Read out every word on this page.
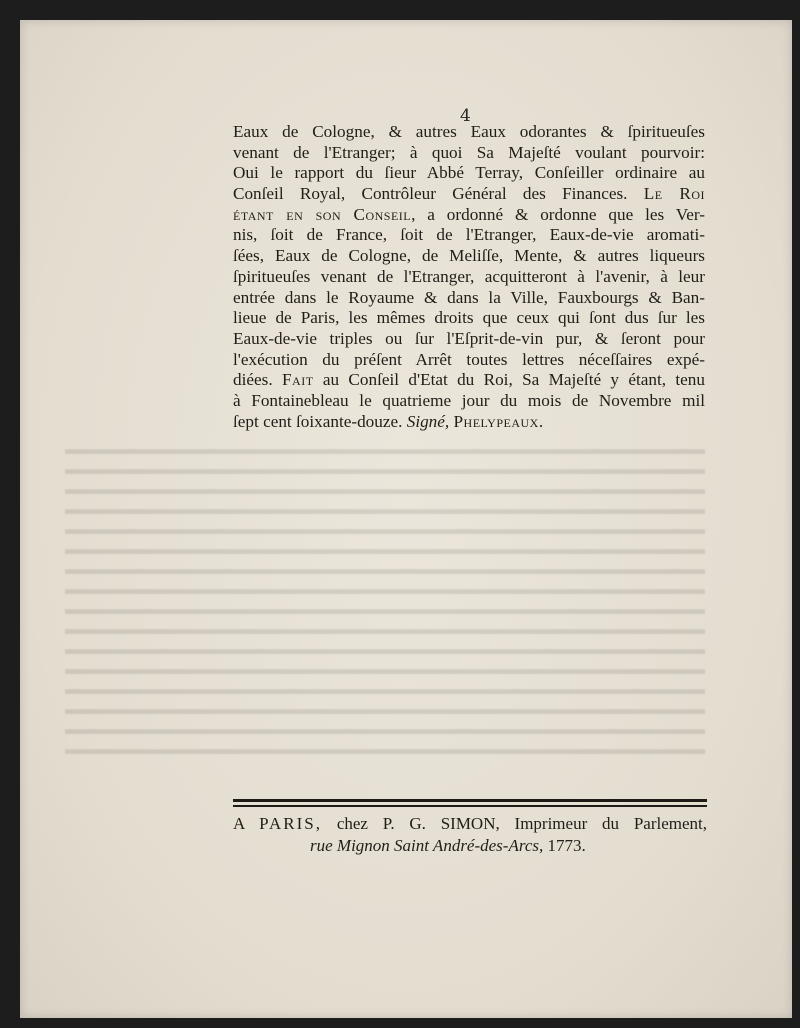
4
Eaux de Cologne, & autres Eaux odorantes & ſpiritueuſes
venant de l'Etranger; à quoi Sa Majeſté voulant pourvoir:
Oui le rapport du ſieur Abbé Terray, Conſeiller ordinaire au
Conſeil Royal, Contrôleur Général des Finances. Le Roi
étant en son Conseil, a ordonné & ordonne que les Ver-
nis, ſoit de France, ſoit de l'Etranger, Eaux-de-vie aromati-
ſées, Eaux de Cologne, de Meliſſe, Mente, & autres liqueurs
ſpiritueuſes venant de l'Etranger, acquitteront à l'avenir, à leur
entrée dans le Royaume & dans la Ville, Fauxbourgs & Ban-
lieue de Paris, les mêmes droits que ceux qui ſont dus ſur les
Eaux-de-vie triples ou ſur l'Eſprit-de-vin pur, & ſeront pour
l'exécution du préſent Arrêt toutes lettres néceſſaires expé-
diées. Fait au Conſeil d'Etat du Roi, Sa Majeſté y étant, tenu
à Fontainebleau le quatrieme jour du mois de Novembre mil
ſept cent ſoixante-douze. Signé, Phelypeaux.
▬▬▬▬▬▬▬▬▬▬▬▬▬▬▬▬▬▬▬▬▬▬▬▬▬▬▬▬▬▬▬▬▬▬▬▬▬▬▬▬
▬▬▬▬▬▬▬▬▬▬▬▬▬▬▬▬▬▬▬▬▬▬▬▬▬▬▬▬▬▬▬▬▬▬▬▬▬▬▬▬
▬▬▬▬▬▬▬▬▬▬▬▬▬▬▬▬▬▬▬▬▬▬▬▬▬▬▬▬▬▬▬▬▬▬▬▬▬▬▬▬
▬▬▬▬▬▬▬▬▬▬▬▬▬▬▬▬▬▬▬▬▬▬▬▬▬▬▬▬▬▬▬▬▬▬▬▬▬▬▬▬
▬▬▬▬▬▬▬▬▬▬▬▬▬▬▬▬▬▬▬▬▬▬▬▬▬▬▬▬▬▬▬▬▬▬▬▬▬▬▬▬
▬▬▬▬▬▬▬▬▬▬▬▬▬▬▬▬▬▬▬▬▬▬▬▬▬▬▬▬▬▬▬▬▬▬▬▬▬▬▬▬
▬▬▬▬▬▬▬▬▬▬▬▬▬▬▬▬▬▬▬▬▬▬▬▬▬▬▬▬▬▬▬▬▬▬▬▬▬▬▬▬
▬▬▬▬▬▬▬▬▬▬▬▬▬▬▬▬▬▬▬▬▬▬▬▬▬▬▬▬▬▬▬▬▬▬▬▬▬▬▬▬
▬▬▬▬▬▬▬▬▬▬▬▬▬▬▬▬▬▬▬▬▬▬▬▬▬▬▬▬▬▬▬▬▬▬▬▬▬▬▬▬
▬▬▬▬▬▬▬▬▬▬▬▬▬▬▬▬▬▬▬▬▬▬▬▬▬▬▬▬▬▬▬▬▬▬▬▬▬▬▬▬
▬▬▬▬▬▬▬▬▬▬▬▬▬▬▬▬▬▬▬▬▬▬▬▬▬▬▬▬▬▬▬▬▬▬▬▬▬▬▬▬
▬▬▬▬▬▬▬▬▬▬▬▬▬▬▬▬▬▬▬▬▬▬▬▬▬▬▬▬▬▬▬▬▬▬▬▬▬▬▬▬
▬▬▬▬▬▬▬▬▬▬▬▬▬▬▬▬▬▬▬▬▬▬▬▬▬▬▬▬▬▬▬▬▬▬▬▬▬▬▬▬
▬▬▬▬▬▬▬▬▬▬▬▬▬▬▬▬▬▬▬▬▬▬▬▬▬▬▬▬▬▬▬▬▬▬▬▬▬▬▬▬
▬▬▬▬▬▬▬▬▬▬▬▬▬▬▬▬▬▬▬▬▬▬▬▬▬▬▬▬▬▬▬▬▬▬▬▬▬▬▬▬
▬▬▬▬▬▬▬▬▬▬▬▬▬▬▬▬▬▬▬▬▬▬▬▬▬▬▬▬▬▬▬▬▬▬▬▬▬▬▬▬
A PARIS, chez P. G. SIMON, Imprimeur du Parlement,
rue Mignon Saint André-des-Arcs, 1773.
